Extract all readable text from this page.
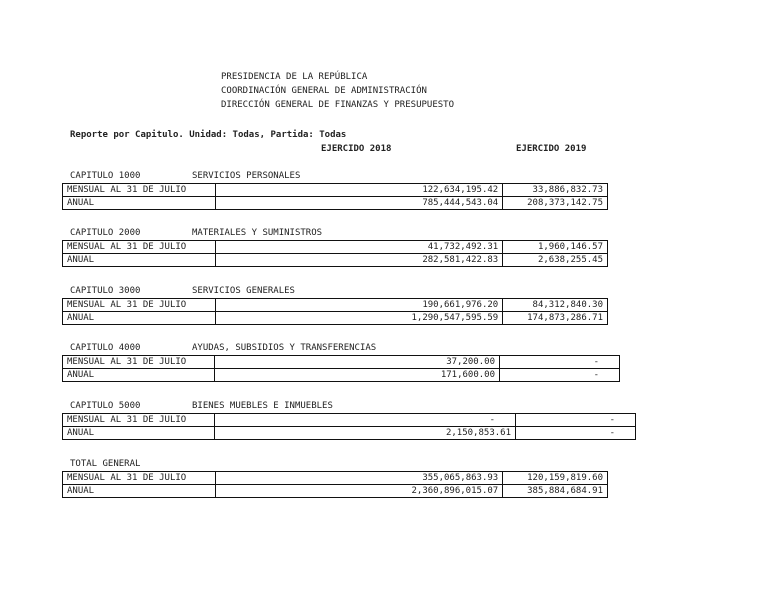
PRESIDENCIA DE LA REPÚBLICA
COORDINACIÓN GENERAL DE ADMINISTRACIÓN
DIRECCIÓN GENERAL DE FINANZAS Y PRESUPUESTO
Reporte por Capitulo. Unidad: Todas, Partida: Todas
EJERCIDO 2018	EJERCIDO 2019
CAPITULO 1000	SERVICIOS PERSONALES
MENSUAL AL 31 DE JULIO	122,634,195.42	33,886,832.73
ANUAL	785,444,543.04	208,373,142.75
CAPITULO 2000	MATERIALES Y SUMINISTROS
MENSUAL AL 31 DE JULIO	41,732,492.31	1,960,146.57
ANUAL	282,581,422.83	2,638,255.45
CAPITULO 3000	SERVICIOS GENERALES
MENSUAL AL 31 DE JULIO	190,661,976.20	84,312,840.30
ANUAL	1,290,547,595.59	174,873,286.71
CAPITULO 4000	AYUDAS, SUBSIDIOS Y TRANSFERENCIAS
MENSUAL AL 31 DE JULIO	37,200.00	-
ANUAL	171,600.00	-
CAPITULO 5000	BIENES MUEBLES E INMUEBLES
MENSUAL AL 31 DE JULIO	-	-
ANUAL	2,150,853.61	-
TOTAL GENERAL
MENSUAL AL 31 DE JULIO	355,065,863.93	120,159,819.60
ANUAL	2,360,896,015.07	385,884,684.91
